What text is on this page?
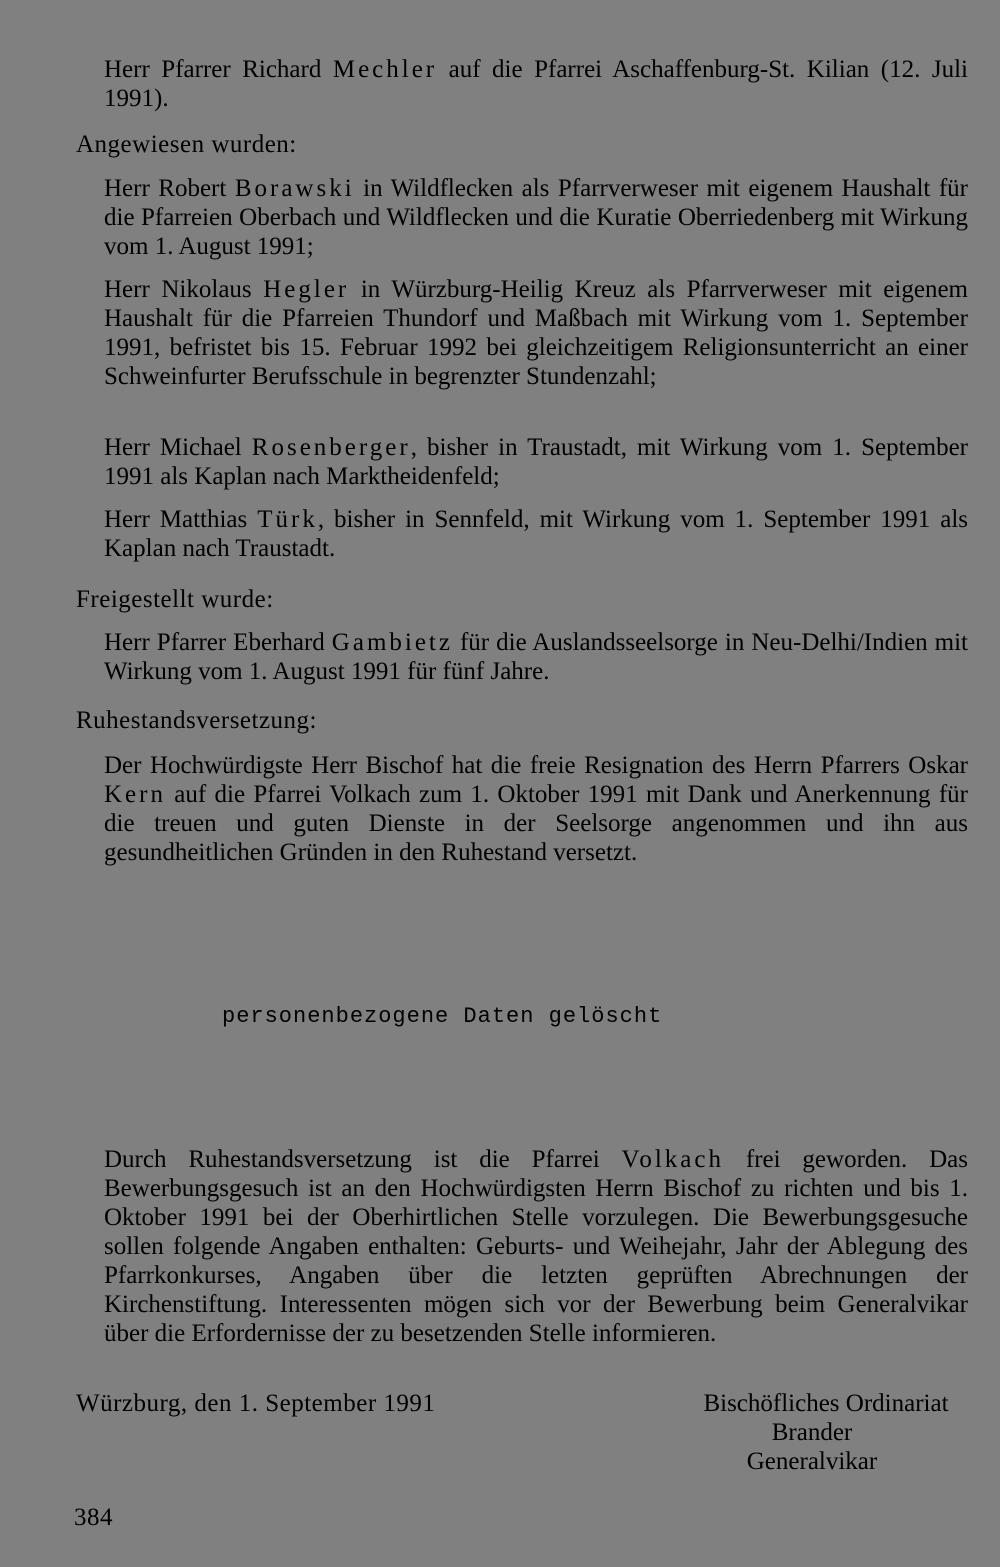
Herr Pfarrer Richard Mechler auf die Pfarrei Aschaffenburg-St. Kilian (12. Juli 1991).

Angewiesen wurden:

Herr Robert Borawski in Wildflecken als Pfarrverweser mit eigenem Haushalt für die Pfarreien Oberbach und Wildflecken und die Kuratie Oberriedenberg mit Wirkung vom 1. August 1991;

Herr Nikolaus Hegler in Würzburg-Heilig Kreuz als Pfarrverweser mit eigenem Haushalt für die Pfarreien Thundorf und Maßbach mit Wirkung vom 1. September 1991, befristet bis 15. Februar 1992 bei gleichzeitigem Religionsunterricht an einer Schweinfurter Berufsschule in begrenzter Stundenzahl;

Herr Michael Rosenberger, bisher in Traustadt, mit Wirkung vom 1. September 1991 als Kaplan nach Marktheidenfeld;

Herr Matthias Türk, bisher in Sennfeld, mit Wirkung vom 1. September 1991 als Kaplan nach Traustadt.

Freigestellt wurde:

Herr Pfarrer Eberhard Gambietz für die Auslandsseelsorge in Neu-Delhi/Indien mit Wirkung vom 1. August 1991 für fünf Jahre.

Ruhestandsversetzung:

Der Hochwürdigste Herr Bischof hat die freie Resignation des Herrn Pfarrers Oskar Kern auf die Pfarrei Volkach zum 1. Oktober 1991 mit Dank und Anerkennung für die treuen und guten Dienste in der Seelsorge angenommen und ihn aus gesundheitlichen Gründen in den Ruhestand versetzt.

personenbezogene Daten gelöscht

Durch Ruhestandsversetzung ist die Pfarrei Volkach frei geworden. Das Bewerbungsgesuch ist an den Hochwürdigsten Herrn Bischof zu richten und bis 1. Oktober 1991 bei der Oberhirtlichen Stelle vorzulegen. Die Bewerbungsgesuche sollen folgende Angaben enthalten: Geburts- und Weihejahr, Jahr der Ablegung des Pfarrkonkurses, Angaben über die letzten geprüften Abrechnungen der Kirchenstiftung. Interessenten mögen sich vor der Bewerbung beim Generalvikar über die Erfordernisse der zu besetzenden Stelle informieren.

Würzburg, den 1. September 1991	Bischöfliches Ordinariat
Brander
Generalvikar
384
